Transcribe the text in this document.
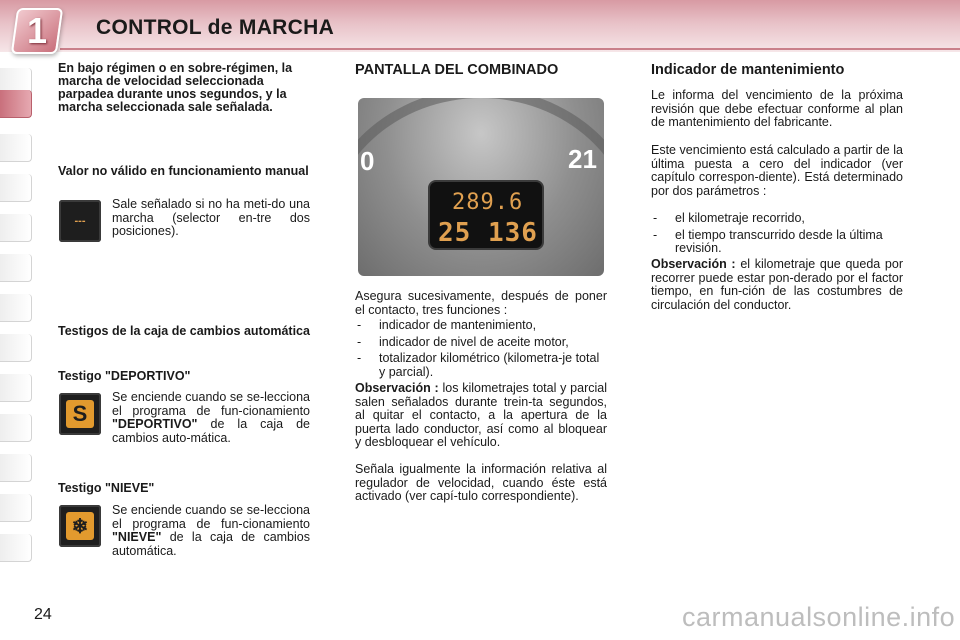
1	CONTROL de MARCHA
En bajo régimen o en sobre-régimen, la marcha de velocidad seleccionada parpadea durante unos segundos, y la marcha seleccionada sale señalada.
Valor no válido en funcionamiento manual
---
Sale señalado si no ha meti-do una marcha (selector en-tre dos posiciones).
Testigos de la caja de cambios automática
Testigo "DEPORTIVO"
S
Se enciende cuando se se-lecciona el programa de fun-cionamiento "DEPORTIVO" de la caja de cambios auto-mática.
Testigo "NIEVE"
❄
Se enciende cuando se se-lecciona el programa de fun-cionamiento "NIEVE" de la caja de cambios automática.
PANTALLA DEL COMBINADO
0	21
289.6
25 136
Asegura sucesivamente, después de poner el contacto, tres funciones :
- indicador de mantenimiento,
- indicador de nivel de aceite motor,
- totalizador kilométrico (kilometra-je total y parcial).
Observación : los kilometrajes total y parcial salen señalados durante trein-ta segundos, al quitar el contacto, a la apertura de la puerta lado conductor, así como al bloquear y desbloquear el vehículo.
Señala igualmente la información relativa al regulador de velocidad, cuando éste está activado (ver capí-tulo correspondiente).
Indicador de mantenimiento
Le informa del vencimiento de la próxima revisión que debe efectuar conforme al plan de mantenimiento del fabricante.
Este vencimiento está calculado a partir de la última puesta a cero del indicador (ver capítulo correspon-diente). Está determinado por dos parámetros :
- el kilometraje recorrido,
- el tiempo transcurrido desde la última revisión.
Observación : el kilometraje que queda por recorrer puede estar pon-derado por el factor tiempo, en fun-ción de las costumbres de circulación del conductor.
24	carmanualsonline.info
